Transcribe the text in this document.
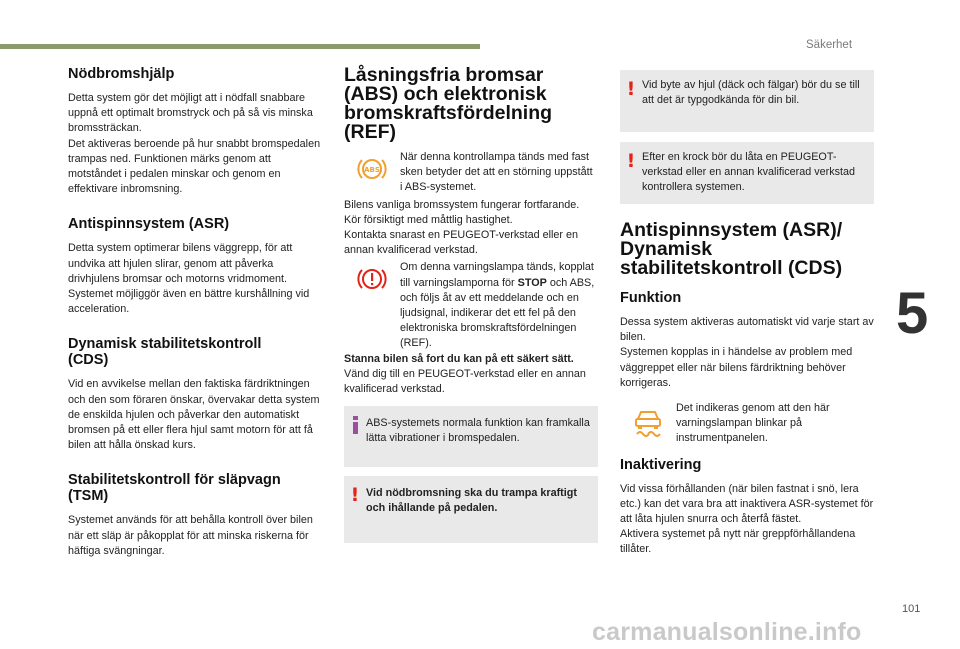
Säkerhet
5
Nödbromshjälp

Detta system gör det möjligt att i nödfall snabbare uppnå ett optimalt bromstryck och på så vis minska bromssträckan.

Det aktiveras beroende på hur snabbt bromspedalen trampas ned. Funktionen märks genom att motståndet i pedalen minskar och genom en effektivare inbromsning.

Antispinnsystem (ASR)

Detta system optimerar bilens väggrepp, för att undvika att hjulen slirar, genom att påverka drivhjulens bromsar och motorns vridmoment. Systemet möjliggör även en bättre kurshållning vid acceleration.

Dynamisk stabilitetskontroll (CDS)

Vid en avvikelse mellan den faktiska färdriktningen och den som föraren önskar, övervakar detta system de enskilda hjulen och påverkar den automatiskt bromsen på ett eller flera hjul samt motorn för att få bilen att hålla önskad kurs.

Stabilitetskontroll för släpvagn (TSM)

Systemet används för att behålla kontroll över bilen när ett släp är påkopplat för att minska riskerna för häftiga svängningar.

Låsningsfria bromsar (ABS) och elektronisk bromskraftsfördelning (REF)
ABS

När denna kontrollampa tänds med fast sken betyder det att en störning uppstått i ABS-systemet.

Bilens vanliga bromssystem fungerar fortfarande. Kör försiktigt med måttlig hastighet.

Kontakta snarast en PEUGEOT-verkstad eller en annan kvalificerad verkstad.

Om denna varningslampa tänds, kopplat till varningslamporna för STOP och ABS, och följs åt av ett meddelande och en ljudsignal, indikerar det ett fel på den elektroniska bromskraftsfördelningen (REF).

Stanna bilen så fort du kan på ett säkert sätt.

Vänd dig till en PEUGEOT-verkstad eller en annan kvalificerad verkstad.

ABS-systemets normala funktion kan framkalla lätta vibrationer i bromspedalen.

! Vid nödbromsning ska du trampa kraftigt och ihållande på pedalen.

! Vid byte av hjul (däck och fälgar) bör du se till att det är typgodkända för din bil.

! Efter en krock bör du låta en PEUGEOT-verkstad eller en annan kvalificerad verkstad kontrollera systemen.

Antispinnsystem (ASR)/ Dynamisk stabilitetskontroll (CDS)
Funktion

Dessa system aktiveras automatiskt vid varje start av bilen.

Systemen kopplas in i händelse av problem med väggreppet eller när bilens färdriktning behöver korrigeras.

Det indikeras genom att den här varningslampan blinkar på instrumentpanelen.

Inaktivering

Vid vissa förhållanden (när bilen fastnat i snö, lera etc.) kan det vara bra att inaktivera ASR-systemet för att låta hjulen snurra och återfå fästet.

Aktivera systemet på nytt när greppförhållandena tillåter.

101
carmanualsonline.info
